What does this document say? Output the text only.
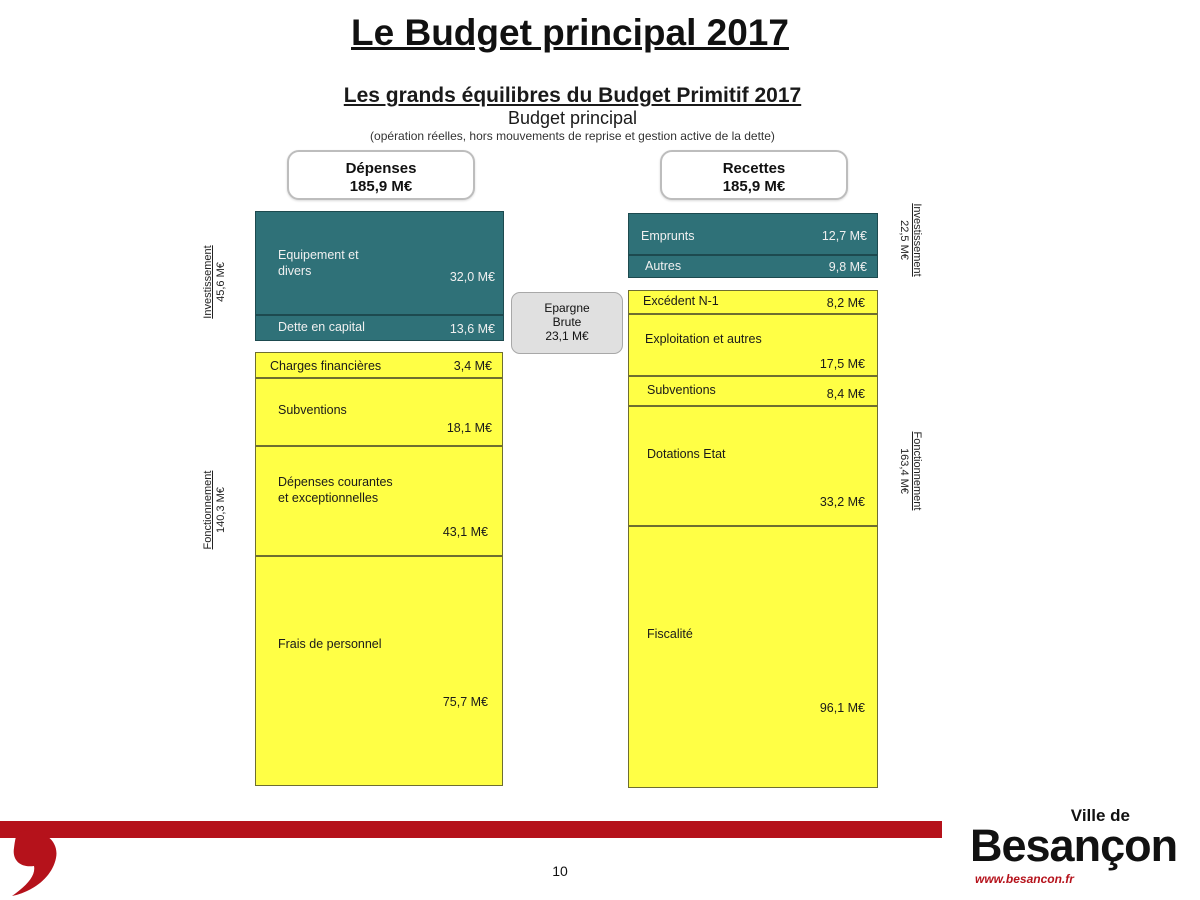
Le Budget principal 2017
Les grands équilibres du Budget Primitif 2017
Budget principal
(opération réelles, hors mouvements de reprise et gestion active de la dette)
Dépenses
185,9 M€
Recettes
185,9 M€
Equipement et
divers	32,0 M€
Dette en capital	13,6 M€
Charges financières	3,4 M€
Subventions
18,1 M€
Dépenses courantes
et exceptionnelles
43,1 M€
Frais de personnel
75,7 M€
Emprunts	12,7 M€
Autres	9,8 M€
Excédent N-1	8,2 M€
Exploitation et autres
17,5 M€
Subventions	8,4 M€
Dotations Etat
33,2 M€
Fiscalité
96,1 M€
Epargne
Brute
23,1 M€
Investissement 45,6 M€
Fonctionnement 140,3 M€
Investissement
22,5 M€
Fonctionnement
163,4 M€
10
Ville de
Besançon
www.besancon.fr
